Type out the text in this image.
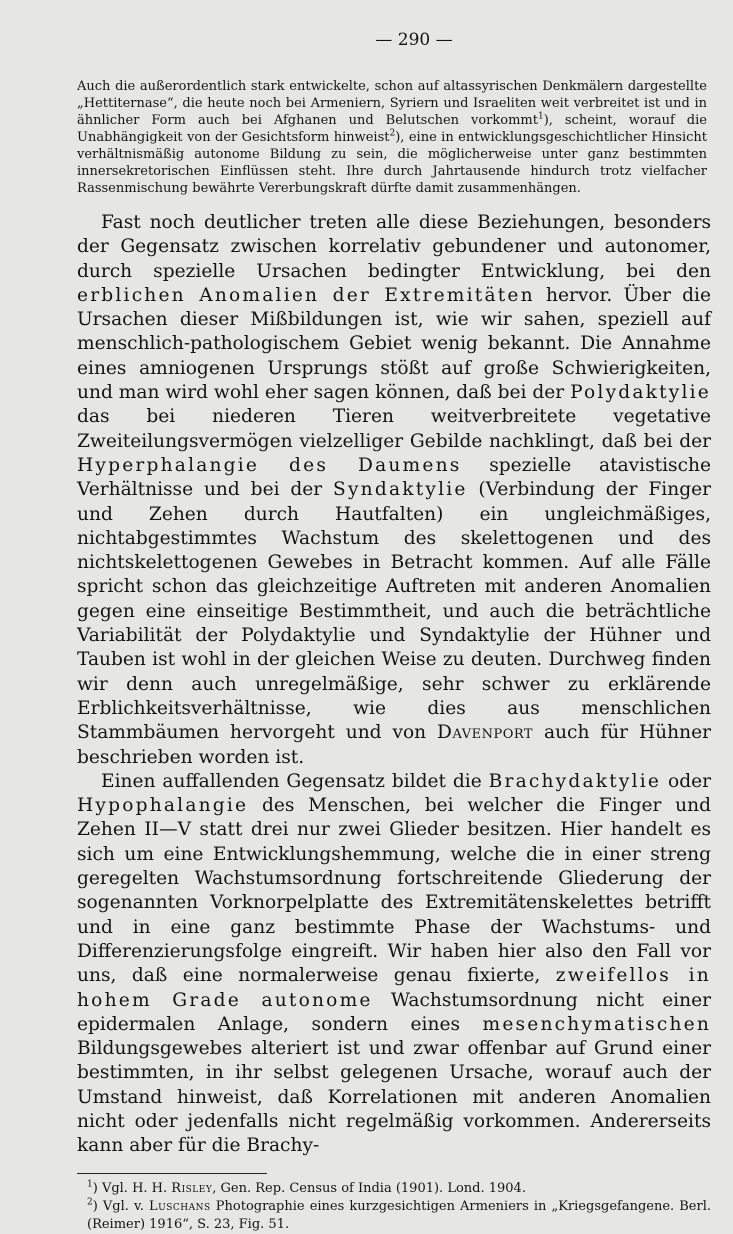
— 290 —

Auch die außerordentlich stark entwickelte, schon auf altassyrischen Denkmälern dargestellte „Hettiternase“, die heute noch bei Armeniern, Syriern und Israeliten weit verbreitet ist und in ähnlicher Form auch bei Afghanen und Belutschen vorkommt$^1$), scheint, worauf die Unabhängigkeit von der Gesichtsform hinweist$^2$), eine in entwicklungsgeschichtlicher Hinsicht verhältnismäßig autonome Bildung zu sein, die möglicherweise unter ganz bestimmten innersekretorischen Einflüssen steht. Ihre durch Jahrtausende hindurch trotz vielfacher Rassenmischung bewährte Vererbungskraft dürfte damit zusammenhängen.

Fast noch deutlicher treten alle diese Beziehungen, besonders der Gegensatz zwischen korrelativ gebundener und autonomer, durch spezielle Ursachen bedingter Entwicklung, bei den erblichen Anomalien der Extremitäten hervor. Über die Ursachen dieser Mißbildungen ist, wie wir sahen, speziell auf menschlich-pathologischem Gebiet wenig bekannt. Die Annahme eines amniogenen Ursprungs stößt auf große Schwierigkeiten, und man wird wohl eher sagen können, daß bei der Polydaktylie das bei niederen Tieren weitverbreitete vegetative Zweiteilungsvermögen vielzelliger Gebilde nachklingt, daß bei der Hyperphalangie des Daumens spezielle atavistische Verhältnisse und bei der Syndaktylie (Verbindung der Finger und Zehen durch Hautfalten) ein ungleichmäßiges, nichtabgestimmtes Wachstum des skelettogenen und des nichtskelettogenen Gewebes in Betracht kommen. Auf alle Fälle spricht schon das gleichzeitige Auftreten mit anderen Anomalien gegen eine einseitige Bestimmtheit, und auch die beträchtliche Variabilität der Polydaktylie und Syndaktylie der Hühner und Tauben ist wohl in der gleichen Weise zu deuten. Durchweg finden wir denn auch unregelmäßige, sehr schwer zu erklärende Erblichkeitsverhältnisse, wie dies aus menschlichen Stammbäumen hervorgeht und von Davenport auch für Hühner beschrieben worden ist.

Einen auffallenden Gegensatz bildet die Brachydaktylie oder Hypophalangie des Menschen, bei welcher die Finger und Zehen II—V statt drei nur zwei Glieder besitzen. Hier handelt es sich um eine Entwicklungshemmung, welche die in einer streng geregelten Wachstumsordnung fortschreitende Gliederung der sogenannten Vorknorpelplatte des Extremitätenskelettes betrifft und in eine ganz bestimmte Phase der Wachstums- und Differenzierungsfolge eingreift. Wir haben hier also den Fall vor uns, daß eine normalerweise genau fixierte, zweifellos in hohem Grade autonome Wachstumsordnung nicht einer epidermalen Anlage, sondern eines mesenchymatischen Bildungsgewebes alteriert ist und zwar offenbar auf Grund einer bestimmten, in ihr selbst gelegenen Ursache, worauf auch der Umstand hinweist, daß Korrelationen mit anderen Anomalien nicht oder jedenfalls nicht regelmäßig vorkommen. Andererseits kann aber für die Brachy-

$^1$) Vgl. H. H. Risley, Gen. Rep. Census of India (1901). Lond. 1904.

$^2$) Vgl. v. Luschans Photographie eines kurzgesichtigen Armeniers in „Kriegsgefangene. Berl. (Reimer) 1916“, S. 23, Fig. 51.
